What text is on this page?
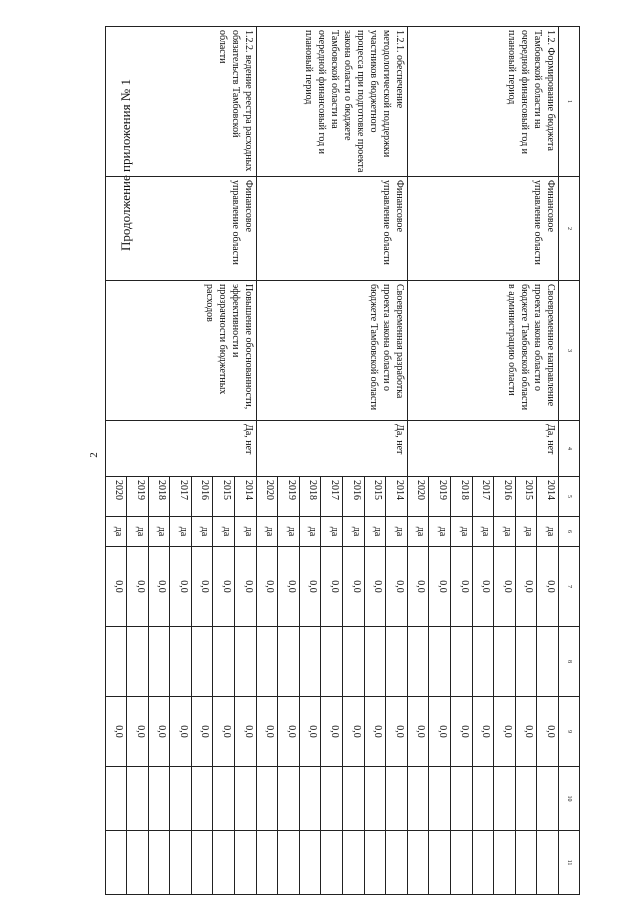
2
Продолжение приложения № 1	1	2	3	4	5	6	7	8	9	10	11
1.2. Формирование бюджета Тамбовской области на очередной финансовый год и плановый период	Финансовое управление области	Своевременное направление проекта закона области о бюджете Тамбовской области в администрацию области	Да, нет	2014	да	0,0		0,0		
				2015	да	0,0		0,0		
				2016	да	0,0		0,0		
				2017	да	0,0		0,0		
				2018	да	0,0		0,0		
				2019	да	0,0		0,0		
				2020	да	0,0		0,0		
1.2.1. обеспечение методологической поддержки участников бюджетного процесса при подготовке проекта закона области о бюджете Тамбовской области на очередной финансовый год и плановый период	Финансовое управление области	Своевременная разработка проекта закона области о бюджете Тамбовской области	Да, нет	2014	да	0,0		0,0		
				2015	да	0,0		0,0		
				2016	да	0,0		0,0		
				2017	да	0,0		0,0		
				2018	да	0,0		0,0		
				2019	да	0,0		0,0		
				2020	да	0,0		0,0		
1.2.2. ведение реестра расходных обязательств Тамбовской области	Финансовое управление области	Повышение обоснованности, эффективности и прозрачности бюджетных расходов	Да, нет	2014	да	0,0		0,0		
				2015	да	0,0		0,0		
				2016	да	0,0		0,0		
				2017	да	0,0		0,0		
				2018	да	0,0		0,0		
				2019	да	0,0		0,0		
				2020	да	0,0		0,0		
